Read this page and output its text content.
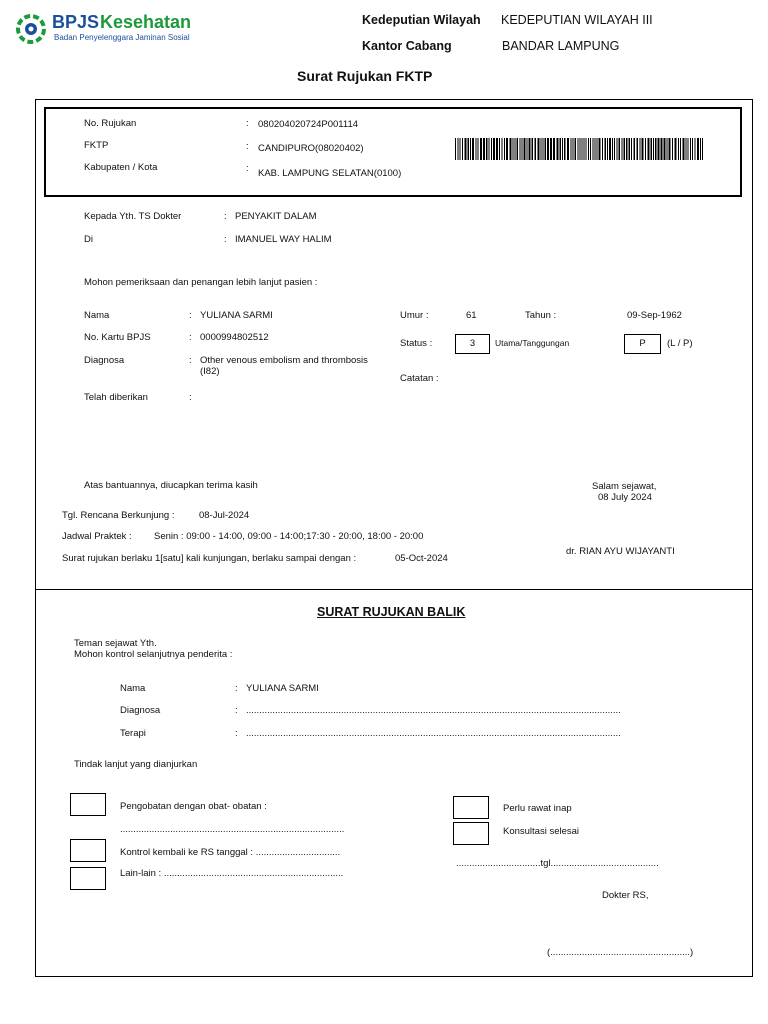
BPJS Kesehatan
Badan Penyelenggara Jaminan Sosial
Kedeputian Wilayah KEDEPUTIAN WILAYAH III
Kantor Cabang	BANDAR LAMPUNG
Surat Rujukan FKTP
No. Rujukan	: 080204020724P001114
FKTP	: CANDIPURO(08020402)
Kabupaten / Kota	: KAB. LAMPUNG SELATAN(0100)
Kepada Yth. TS Dokter	: PENYAKIT DALAM
Di	: IMANUEL WAY HALIM
Mohon pemeriksaan dan penangan lebih lanjut pasien :
Nama	: YULIANA SARMI
No. Kartu BPJS	: 0000994802512
Diagnosa	: Other venous embolism and thrombosis
(I82)
Telah diberikan	:
Umur :	61	Tahun :	09-Sep-1962
Status :	3	Utama/Tanggungan	P	(L / P)
Catatan :
Atas bantuannya, diucapkan terima kasih	Salam sejawat,
08 July 2024
Tgl. Rencana Berkunjung :	08-Jul-2024
Jadwal Praktek : Senin : 09:00 - 14:00, 09:00 - 14:00;17:30 - 20:00, 18:00 - 20:00
Surat rujukan berlaku 1[satu] kali kunjungan, berlaku sampai dengan :	05-Oct-2024
dr. RIAN AYU WIJAYANTI
SURAT RUJUKAN BALIK
Teman sejawat Yth.
Mohon kontrol selanjutnya penderita :
Nama	: YULIANA SARMI
Diagnosa	: ..............................................................................................................................................
Terapi	: ..............................................................................................................................................
Tindak lanjut yang dianjurkan
Pengobatan dengan obat- obatan :
.....................................................................................
Kontrol kembali ke RS tanggal : ................................
Lain-lain : ....................................................................
Perlu rawat inap
Konsultasi selesai
................................tgl.........................................
Dokter RS,
(.....................................................)
